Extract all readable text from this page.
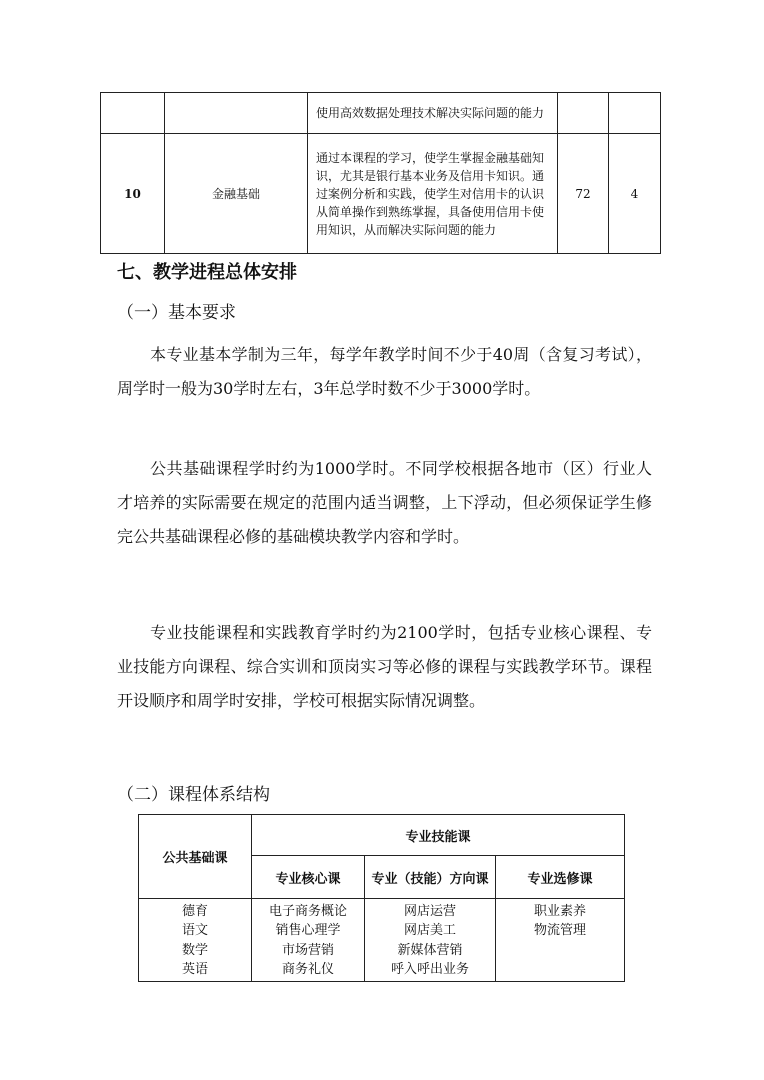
		使用高效数据处理技术解决实际问题的能力		
10	金融基础	通过本课程的学习，使学生掌握金融基础知识，尤其是银行基本业务及信用卡知识。通过案例分析和实践，使学生对信用卡的认识从简单操作到熟练掌握，具备使用信用卡使用知识，从而解决实际问题的能力	72	4
七、教学进程总体安排
（一）基本要求

本专业基本学制为三年，每学年教学时间不少于40周（含复习考试），周学时一般为30学时左右，3年总学时数不少于3000学时。

公共基础课程学时约为1000学时。不同学校根据各地市（区）行业人才培养的实际需要在规定的范围内适当调整，上下浮动，但必须保证学生修完公共基础课程必修的基础模块教学内容和学时。

专业技能课程和实践教育学时约为2100学时，包括专业核心课程、专业技能方向课程、综合实训和顶岗实习等必修的课程与实践教学环节。课程开设顺序和周学时安排，学校可根据实际情况调整。

（二）课程体系结构
公共基础课	专业技能课		
	专业核心课	专业（技能）方向课	专业选修课
德育	电子商务概论	网店运营	职业素养
语文	销售心理学	网店美工	物流管理
数学	市场营销	新媒体营销	
英语	商务礼仪	呼入呼出业务	
